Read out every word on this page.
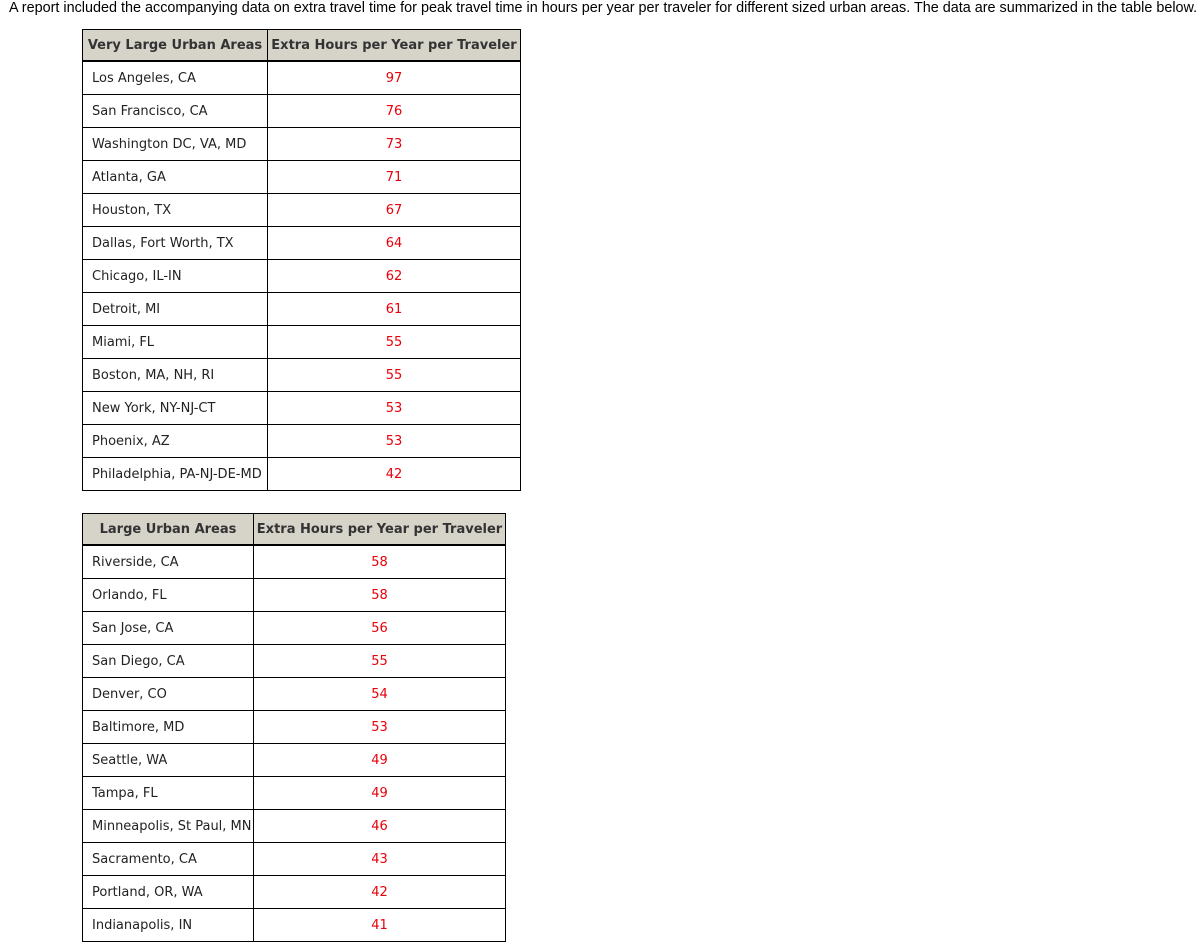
A report included the accompanying data on extra travel time for peak travel time in hours per year per traveler for different sized urban areas. The data are summarized in the table below.

Very Large Urban Areas	Extra Hours per Year per Traveler
Los Angeles, CA	97
San Francisco, CA	76
Washington DC, VA, MD	73
Atlanta, GA	71
Houston, TX	67
Dallas, Fort Worth, TX	64
Chicago, IL-IN	62
Detroit, MI	61
Miami, FL	55
Boston, MA, NH, RI	55
New York, NY-NJ-CT	53
Phoenix, AZ	53
Philadelphia, PA-NJ-DE-MD	42
Large Urban Areas	Extra Hours per Year per Traveler
Riverside, CA	58
Orlando, FL	58
San Jose, CA	56
San Diego, CA	55
Denver, CO	54
Baltimore, MD	53
Seattle, WA	49
Tampa, FL	49
Minneapolis, St Paul, MN	46
Sacramento, CA	43
Portland, OR, WA	42
Indianapolis, IN	41
